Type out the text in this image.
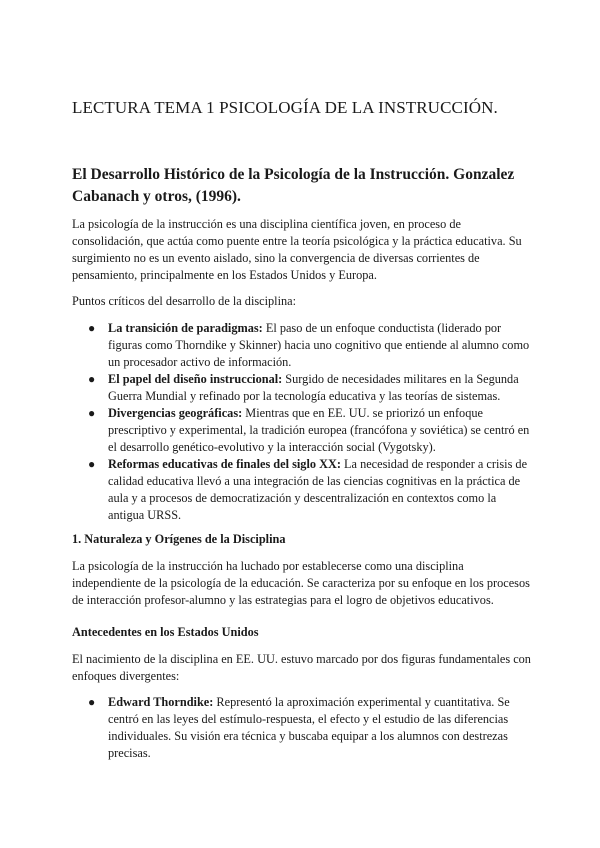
LECTURA TEMA 1 PSICOLOGÍA DE LA INSTRUCCIÓN.
El Desarrollo Histórico de la Psicología de la Instrucción. Gonzalez Cabanach y otros, (1996).

La psicología de la instrucción es una disciplina científica joven, en proceso de consolidación, que actúa como puente entre la teoría psicológica y la práctica educativa. Su surgimiento no es un evento aislado, sino la convergencia de diversas corrientes de pensamiento, principalmente en los Estados Unidos y Europa.

Puntos críticos del desarrollo de la disciplina:

● La transición de paradigmas: El paso de un enfoque conductista (liderado por figuras como Thorndike y Skinner) hacia uno cognitivo que entiende al alumno como un procesador activo de información.
● El papel del diseño instruccional: Surgido de necesidades militares en la Segunda Guerra Mundial y refinado por la tecnología educativa y las teorías de sistemas.
● Divergencias geográficas: Mientras que en EE. UU. se priorizó un enfoque prescriptivo y experimental, la tradición europea (francófona y soviética) se centró en el desarrollo genético-evolutivo y la interacción social (Vygotsky).
● Reformas educativas de finales del siglo XX: La necesidad de responder a crisis de calidad educativa llevó a una integración de las ciencias cognitivas en la práctica de aula y a procesos de democratización y descentralización en contextos como la antigua URSS.
1. Naturaleza y Orígenes de la Disciplina

La psicología de la instrucción ha luchado por establecerse como una disciplina independiente de la psicología de la educación. Se caracteriza por su enfoque en los procesos de interacción profesor-alumno y las estrategias para el logro de objetivos educativos.

Antecedentes en los Estados Unidos

El nacimiento de la disciplina en EE. UU. estuvo marcado por dos figuras fundamentales con enfoques divergentes:

● Edward Thorndike: Representó la aproximación experimental y cuantitativa. Se centró en las leyes del estímulo-respuesta, el efecto y el estudio de las diferencias individuales. Su visión era técnica y buscaba equipar a los alumnos con destrezas precisas.
